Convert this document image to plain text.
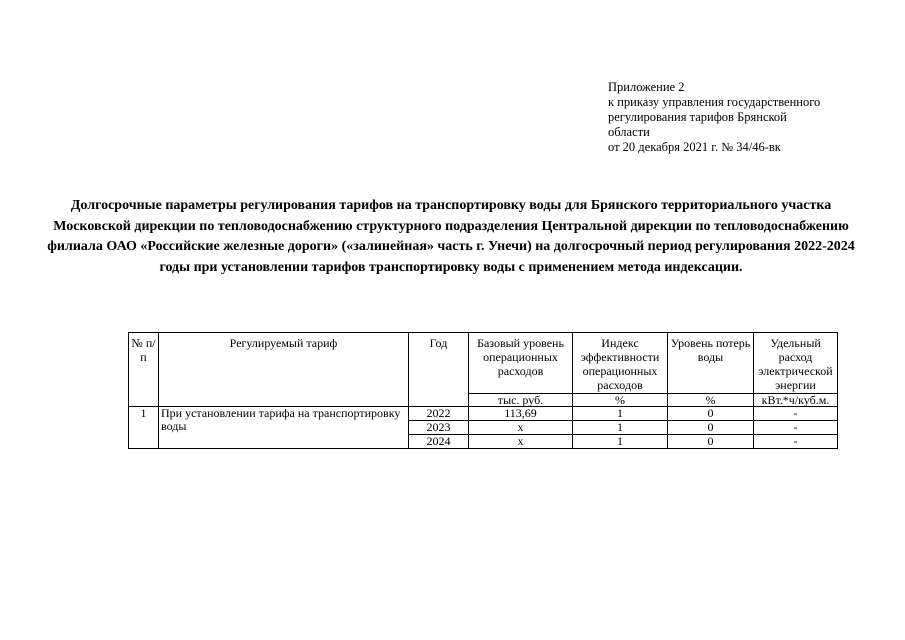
Приложение 2
к приказу управления государственного
регулирования тарифов Брянской
области
от 20 декабря 2021 г. № 34/46-вк
Долгосрочные параметры регулирования тарифов на транспортировку воды для Брянского территориального участка Московской дирекции по тепловодоснабжению структурного подразделения Центральной дирекции по тепловодоснабжению филиала ОАО «Российские железные дороги» («залинейная» часть г. Унечи) на долгосрочный период регулирования 2022-2024 годы при установлении тарифов транспортировку воды с применением метода индексации.
№ п/п	Регулируемый тариф	Год	Базовый уровень операционных расходов	Индекс эффективности операционных расходов	Уровень потерь воды	Удельный расход электрической энергии
			тыс. руб.	%	%	кВт.*ч/куб.м.
1	При установлении тарифа на транспортировку воды	2022	113,69	1	0	-
		2023	x	1	0	-
		2024	x	1	0	-
